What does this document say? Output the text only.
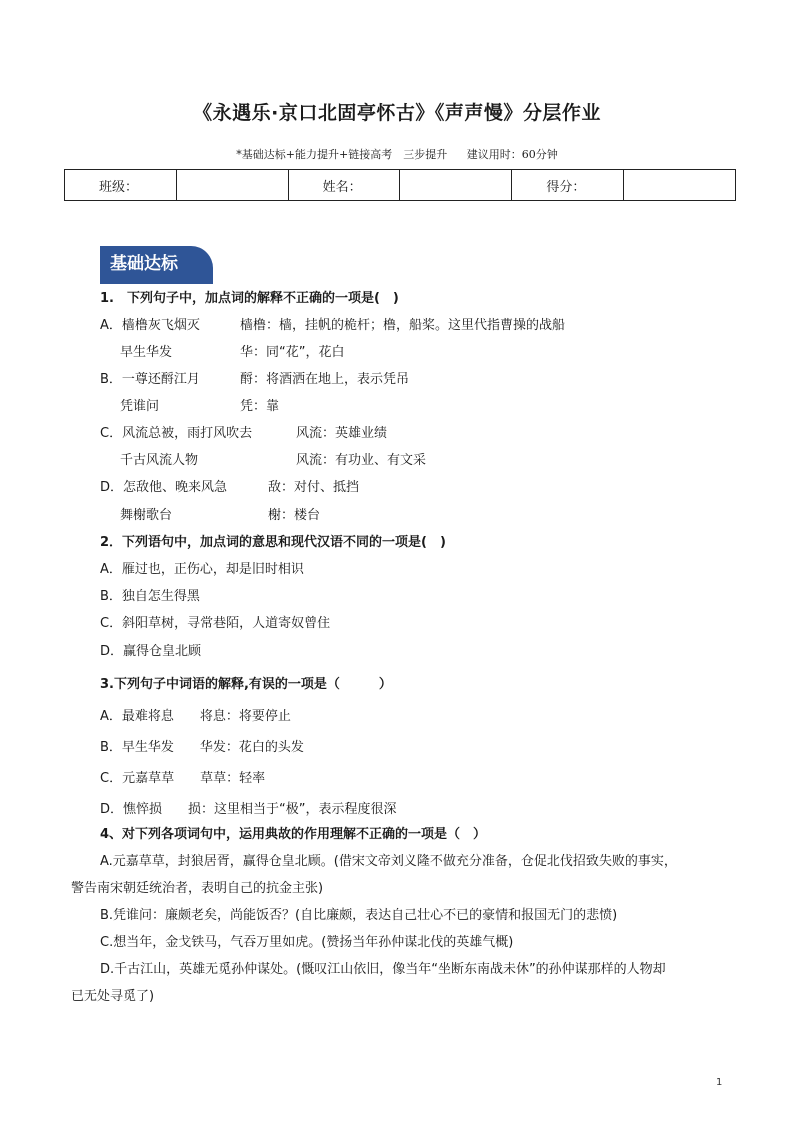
《永遇乐·京口北固亭怀古》《声声慢》分层作业
*基础达标+能力提升+链接高考　三步提升 建议用时：60分钟
班级：		姓名：		得分：	
基础达标
1.　下列句子中，加点词的解释不正确的一项是(　)
A．樯橹灰飞烟灭	樯橹：樯，挂帆的桅杆；橹，船桨。这里代指曹操的战船
早生华发	华：同“花”，花白
B．一尊还酹江月	酹：将酒洒在地上，表示凭吊
凭谁问	凭：靠
C．风流总被，雨打风吹去	风流：英雄业绩
千古风流人物	风流：有功业、有文采
D．怎敌他、晚来风急	敌：对付、抵挡
舞榭歌台	榭：楼台
2．下列语句中，加点词的意思和现代汉语不同的一项是(　)
A．雁过也，正伤心，却是旧时相识
B．独自怎生得黑
C．斜阳草树，寻常巷陌，人道寄奴曾住
D．赢得仓皇北顾
3.下列句子中词语的解释,有误的一项是（　　　）
A．最难将息　　将息：将要停止
B．早生华发　　华发：花白的头发
C．元嘉草草　　草草：轻率
D．憔悴损　　损：这里相当于“极”，表示程度很深
4、对下列各项词句中，运用典故的作用理解不正确的一项是（　）
A.元嘉草草，封狼居胥，赢得仓皇北顾。(借宋文帝刘义隆不做充分准备，仓促北伐招致失败的事实，
警告南宋朝廷统治者，表明自己的抗金主张)
B.凭谁问：廉颇老矣，尚能饭否？(自比廉颇，表达自己壮心不已的豪情和报国无门的悲愤)
C.想当年，金戈铁马，气吞万里如虎。(赞扬当年孙仲谋北伐的英雄气概)
D.千古江山，英雄无觅孙仲谋处。(慨叹江山依旧，像当年“坐断东南战未休”的孙仲谋那样的人物却
已无处寻觅了)
1
